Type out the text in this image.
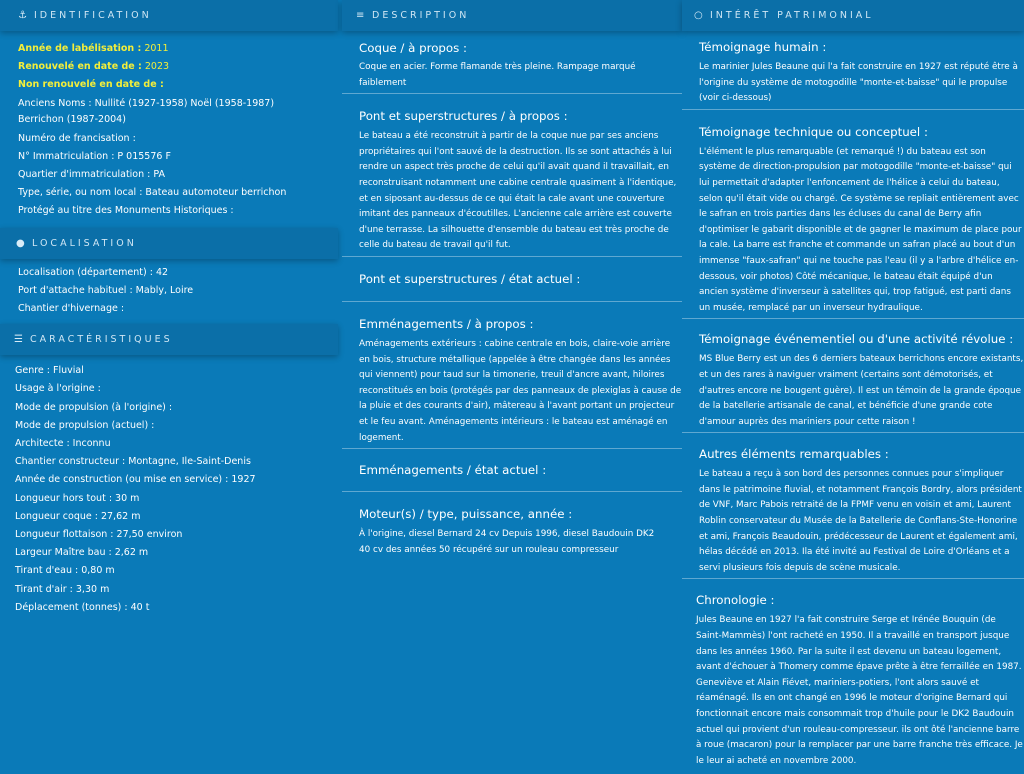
⚓ IDENTIFICATION
Année de labélisation : 2011
Renouvelé en date de : 2023
Non renouvelé en date de :
Anciens Noms : Nullité (1927-1958) Noël (1958-1987) Berrichon (1987-2004)
Numéro de francisation :
N° Immatriculation : P 015576 F
Quartier d'immatriculation : PA
Type, série, ou nom local : Bateau automoteur berrichon
Protégé au titre des Monuments Historiques :
● LOCALISATION
Localisation (département) : 42
Port d'attache habituel : Mably, Loire
Chantier d'hivernage :
☰ CARACTÉRISTIQUES
Genre : Fluvial
Usage à l'origine :
Mode de propulsion (à l'origine) :
Mode de propulsion (actuel) :
Architecte : Inconnu
Chantier constructeur : Montagne, Ile-Saint-Denis
Année de construction (ou mise en service) : 1927
Longueur hors tout : 30 m
Longueur coque : 27,62 m
Longueur flottaison : 27,50 environ
Largeur Maître bau : 2,62 m
Tirant d'eau : 0,80 m
Tirant d'air : 3,30 m
Déplacement (tonnes) : 40 t
≡ DESCRIPTION
Coque / à propos :

Coque en acier. Forme flamande très pleine. Rampage marqué faiblement

Pont et superstructures / à propos :

Le bateau a été reconstruit à partir de la coque nue par ses anciens propriétaires qui l'ont sauvé de la destruction. Ils se sont attachés à lui rendre un aspect très proche de celui qu'il avait quand il travaillait, en reconstruisant notamment une cabine centrale quasiment à l'identique, et en siposant au-dessus de ce qui était la cale avant une couverture imitant des panneaux d'écoutilles. L'ancienne cale arrière est couverte d'une terrasse. La silhouette d'ensemble du bateau est très proche de celle du bateau de travail qu'il fut.

Pont et superstructures / état actuel :
Emménagements / à propos :

Aménagements extérieurs : cabine centrale en bois, claire-voie arrière en bois, structure métallique (appelée à être changée dans les années qui viennent) pour taud sur la timonerie, treuil d'ancre avant, hiloires reconstitués en bois (protégés par des panneaux de plexiglas à cause de la pluie et des courants d'air), mâtereau à l'avant portant un projecteur et le feu avant. Aménagements intérieurs : le bateau est aménagé en logement.

Emménagements / état actuel :
Moteur(s) / type, puissance, année :

À l'origine, diesel Bernard 24 cv Depuis 1996, diesel Baudouin DK2 40 cv des années 50 récupéré sur un rouleau compresseur

○ INTÉRÊT PATRIMONIAL
Témoignage humain :

Le marinier Jules Beaune qui l'a fait construire en 1927 est réputé être à l'origine du système de motogodille "monte-et-baisse" qui le propulse (voir ci-dessous)

Témoignage technique ou conceptuel :

L'élément le plus remarquable (et remarqué !) du bateau est son système de direction-propulsion par motogodille "monte-et-baisse" qui lui permettait d'adapter l'enfoncement de l'hélice à celui du bateau, selon qu'il était vide ou chargé. Ce système se repliait entièrement avec le safran en trois parties dans les écluses du canal de Berry afin d'optimiser le gabarit disponible et de gagner le maximum de place pour la cale. La barre est franche et commande un safran placé au bout d'un immense "faux-safran" qui ne touche pas l'eau (il y a l'arbre d'hélice en-dessous, voir photos) Côté mécanique, le bateau était équipé d'un ancien système d'inverseur à satellites qui, trop fatigué, est parti dans un musée, remplacé par un inverseur hydraulique.

Témoignage événementiel ou d'une activité révolue :

MS Blue Berry est un des 6 derniers bateaux berrichons encore existants, et un des rares à naviguer vraiment (certains sont démotorisés, et d'autres encore ne bougent guère). Il est un témoin de la grande époque de la batellerie artisanale de canal, et bénéficie d'une grande cote d'amour auprès des mariniers pour cette raison !

Autres éléments remarquables :

Le bateau a reçu à son bord des personnes connues pour s'impliquer dans le patrimoine fluvial, et notamment François Bordry, alors président de VNF, Marc Pabois retraité de la FPMF venu en voisin et ami, Laurent Roblin conservateur du Musée de la Batellerie de Conflans-Ste-Honorine et ami, François Beaudouin, prédécesseur de Laurent et également ami, hélas décédé en 2013. Ila été invité au Festival de Loire d'Orléans et a servi plusieurs fois depuis de scène musicale.

Chronologie :

Jules Beaune en 1927 l'a fait construire Serge et Irénée Bouquin (de Saint-Mammès) l'ont racheté en 1950. Il a travaillé en transport jusque dans les années 1960. Par la suite il est devenu un bateau logement, avant d'échouer à Thomery comme épave prête à être ferraillée en 1987. Geneviève et Alain Fiévet, mariniers-potiers, l'ont alors sauvé et réaménagé. Ils en ont changé en 1996 le moteur d'origine Bernard qui fonctionnait encore mais consommait trop d'huile pour le DK2 Baudouin actuel qui provient d'un rouleau-compresseur. ils ont ôté l'ancienne barre à roue (macaron) pour la remplacer par une barre franche très efficace. Je le leur ai acheté en novembre 2000.
